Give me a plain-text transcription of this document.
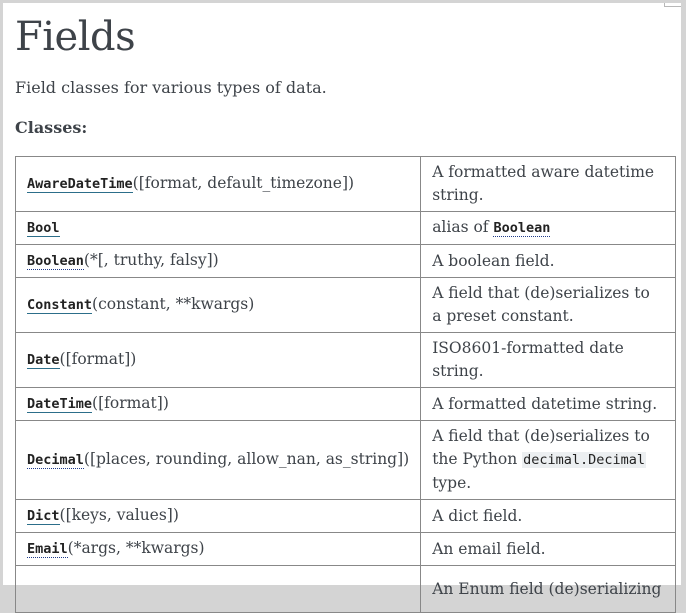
Fields

Field classes for various types of data.

Classes:

AwareDateTime([format, default_timezone])	A formatted aware datetime string.
Bool	alias of Boolean
Boolean(*[, truthy, falsy])	A boolean field.
Constant(constant, **kwargs)	A field that (de)serializes to a preset constant.
Date([format])	ISO8601-formatted date string.
DateTime([format])	A formatted datetime string.
Decimal([places, rounding, allow_nan, as_string])	A field that (de)serializes to the Python decimal.Decimal type.
Dict([keys, values])	A dict field.
Email(*args, **kwargs)	An email field.
	An Enum field (de)serializing
